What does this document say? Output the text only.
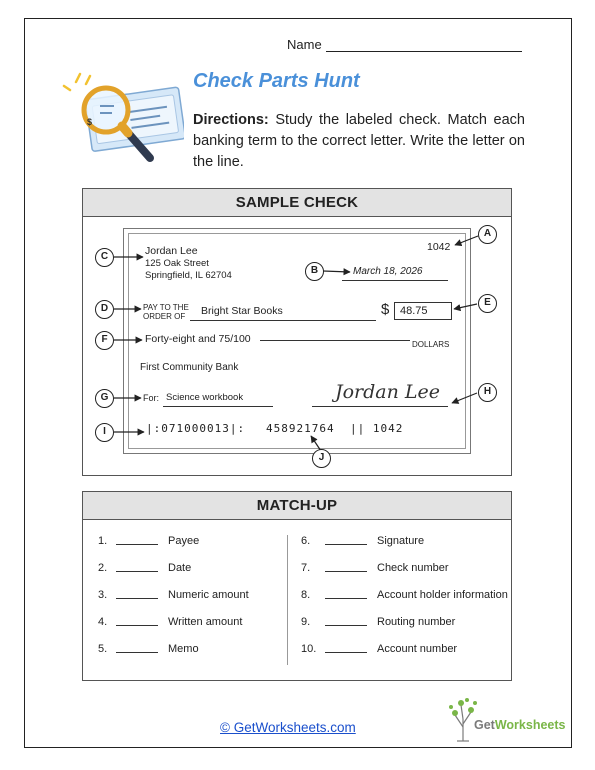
Name
$
Check Parts Hunt
Directions: Study the labeled check. Match each banking term to the correct letter. Write the letter on the line.
SAMPLE CHECK
Jordan Lee
125 Oak Street
Springfield, IL 62704
1042
March 18, 2026
PAY TO THE
ORDER OF Bright Star Books	$ 48.75
Forty-eight and 75/100	DOLLARS
First Community Bank
For: Science workbook	Jordan Lee
|:071000013|: 458921764 || 1042
A
B
C
D
E
F
G
H
I
J
MATCH-UP
1.	Payee
2.	Date
3.	Numeric amount
4.	Written amount
5.	Memo
6.	Signature
7.	Check number
8.	Account holder information
9.	Routing number
10.	Account number
© GetWorksheets.com	GetWorksheets
